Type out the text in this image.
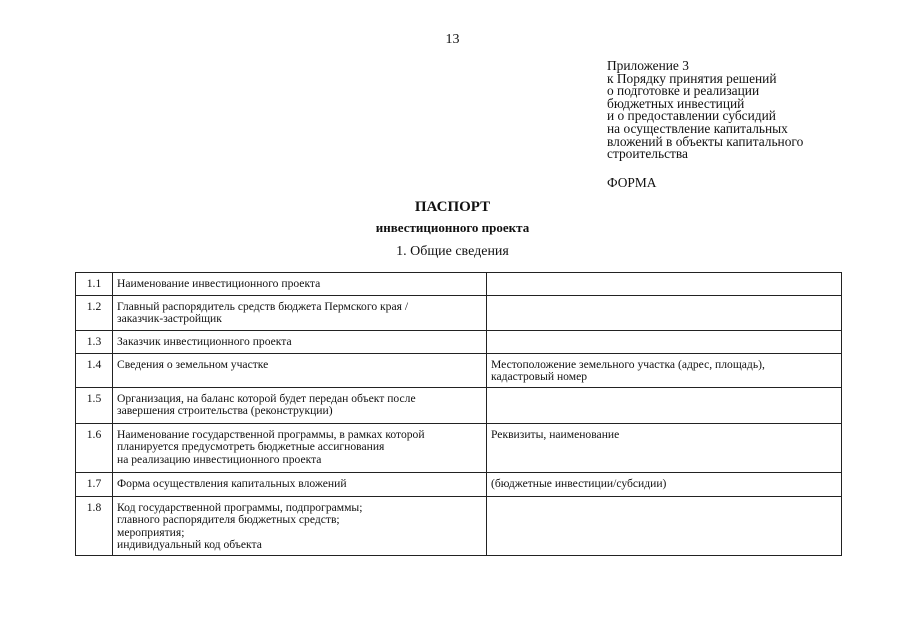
13
Приложение 3
к Порядку принятия решений
о подготовке и реализации
бюджетных инвестиций
и о предоставлении субсидий
на осуществление капитальных
вложений в объекты капитального
строительства
ФОРМА
ПАСПОРТ
инвестиционного проекта
1. Общие сведения
1.1	Наименование инвестиционного проекта	

1.2	Главный распорядитель средств бюджета Пермского края /
заказчик-застройщик	

1.3	Заказчик инвестиционного проекта	

1.4	Сведения о земельном участке	Местоположение земельного участка (адрес, площадь),
кадастровый номер

1.5	Организация, на баланс которой будет передан объект после
завершения строительства (реконструкции)	

1.6	Наименование государственной программы, в рамках которой
планируется предусмотреть бюджетные ассигнования
на реализацию инвестиционного проекта	Реквизиты, наименование

1.7	Форма осуществления капитальных вложений	(бюджетные инвестиции/субсидии)

1.8	Код государственной программы, подпрограммы;
главного распорядителя бюджетных средств;
мероприятия;
индивидуальный код объекта	
